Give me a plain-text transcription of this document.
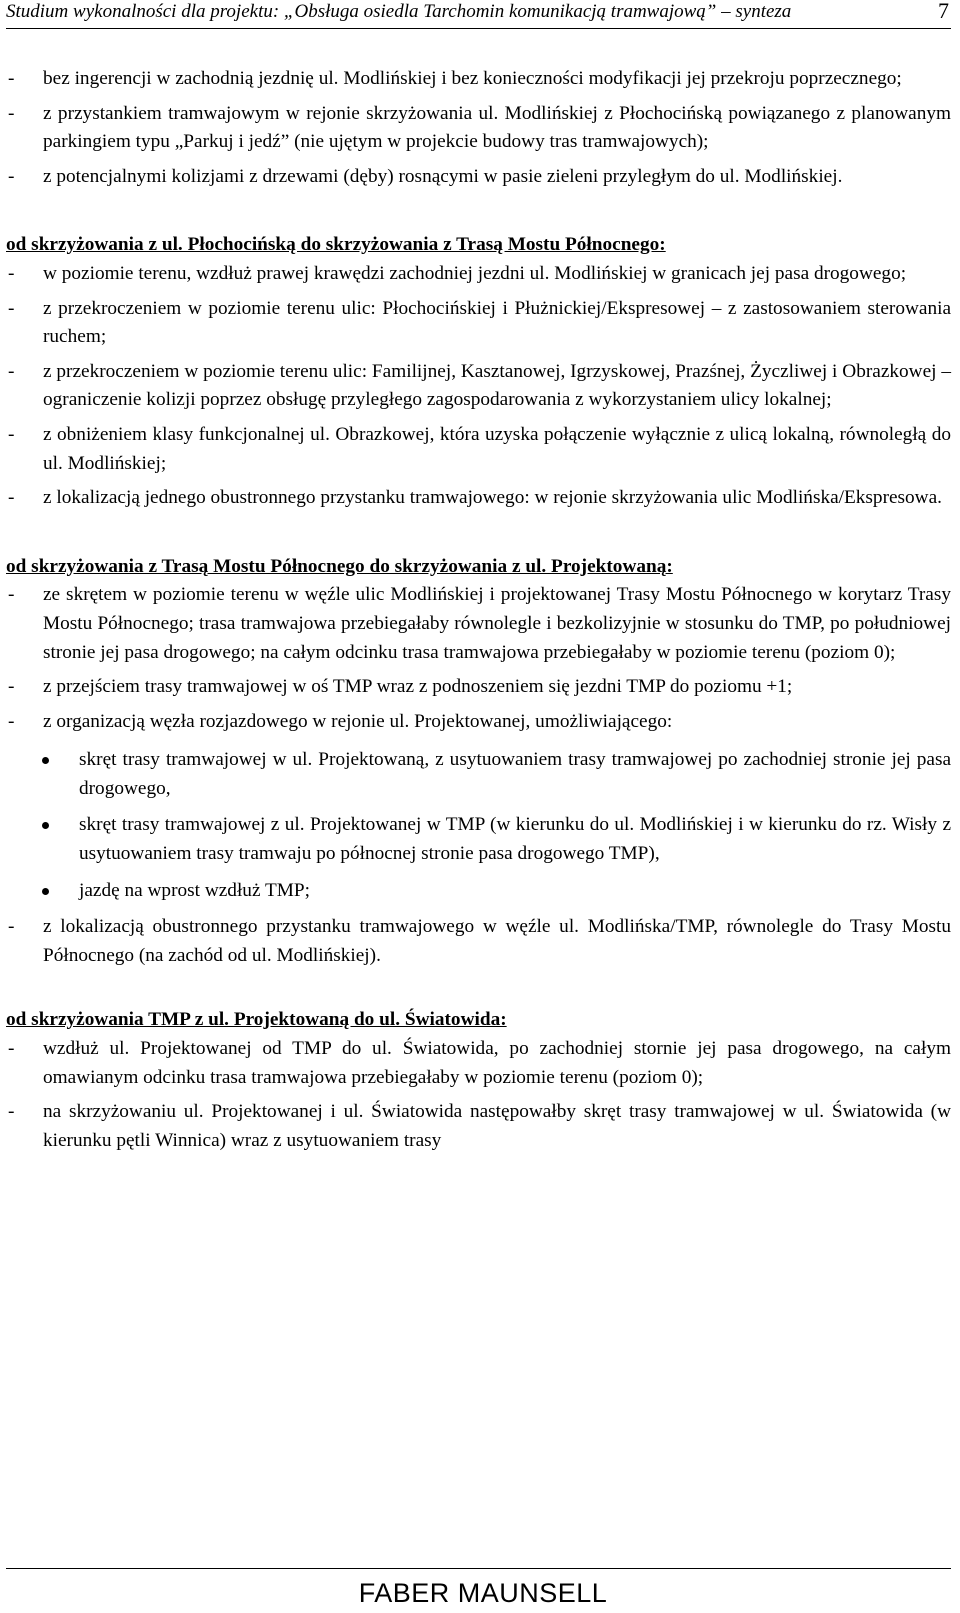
Studium wykonalności dla projektu: „Obsługa osiedla Tarchomin komunikacją tramwajową” – synteza	7
- bez ingerencji w zachodnią jezdnię ul. Modlińskiej i bez konieczności modyfikacji jej przekroju poprzecznego;
- z przystankiem tramwajowym w rejonie skrzyżowania ul. Modlińskiej z Płochocińską powiązanego z planowanym parkingiem typu „Parkuj i jedź” (nie ujętym w projekcie budowy tras tramwajowych);
- z potencjalnymi kolizjami z drzewami (dęby) rosnącymi w pasie zieleni przyległym do ul. Modlińskiej.

od skrzyżowania z ul. Płochocińską do skrzyżowania z Trasą Mostu Północnego:

- w poziomie terenu, wzdłuż prawej krawędzi zachodniej jezdni ul. Modlińskiej w granicach jej pasa drogowego;
- z przekroczeniem w poziomie terenu ulic: Płochocińskiej i Płużnickiej/Ekspresowej – z zastosowaniem sterowania ruchem;
- z przekroczeniem w poziomie terenu ulic: Familijnej, Kasztanowej, Igrzyskowej, Prazśnej, Życzliwej i Obrazkowej – ograniczenie kolizji poprzez obsługę przyległego zagospodarowania z wykorzystaniem ulicy lokalnej;
- z obniżeniem klasy funkcjonalnej ul. Obrazkowej, która uzyska połączenie wyłącznie z ulicą lokalną, równoległą do ul. Modlińskiej;
- z lokalizacją jednego obustronnego przystanku tramwajowego: w rejonie skrzyżowania ulic Modlińska/Ekspresowa.

od skrzyżowania z Trasą Mostu Północnego do skrzyżowania z ul. Projektowaną:

- ze skrętem w poziomie terenu w węźle ulic Modlińskiej i projektowanej Trasy Mostu Północnego w korytarz Trasy Mostu Północnego; trasa tramwajowa przebiegałaby równolegle i bezkolizyjnie w stosunku do TMP, po południowej stronie jej pasa drogowego; na całym odcinku trasa tramwajowa przebiegałaby w poziomie terenu (poziom 0);
- z przejściem trasy tramwajowej w oś TMP wraz z podnoszeniem się jezdni TMP do poziomu +1;
- z organizacją węzła rozjazdowego w rejonie ul. Projektowanej, umożliwiającego:
skręt trasy tramwajowej w ul. Projektowaną, z usytuowaniem trasy tramwajowej po zachodniej stronie jej pasa drogowego,
skręt trasy tramwajowej z ul. Projektowanej w TMP (w kierunku do ul. Modlińskiej i w kierunku do rz. Wisły z usytuowaniem trasy tramwaju po północnej stronie pasa drogowego TMP),
jazdę na wprost wzdłuż TMP;
- z lokalizacją obustronnego przystanku tramwajowego w węźle ul. Modlińska/TMP, równolegle do Trasy Mostu Północnego (na zachód od ul. Modlińskiej).

od skrzyżowania TMP z ul. Projektowaną do ul. Światowida:

- wzdłuż ul. Projektowanej od TMP do ul. Światowida, po zachodniej stornie jej pasa drogowego, na całym omawianym odcinku trasa tramwajowa przebiegałaby w poziomie terenu (poziom 0);
- na skrzyżowaniu ul. Projektowanej i ul. Światowida następowałby skręt trasy tramwajowej w ul. Światowida (w kierunku pętli Winnica) wraz z usytuowaniem trasy
FABER MAUNSELL
